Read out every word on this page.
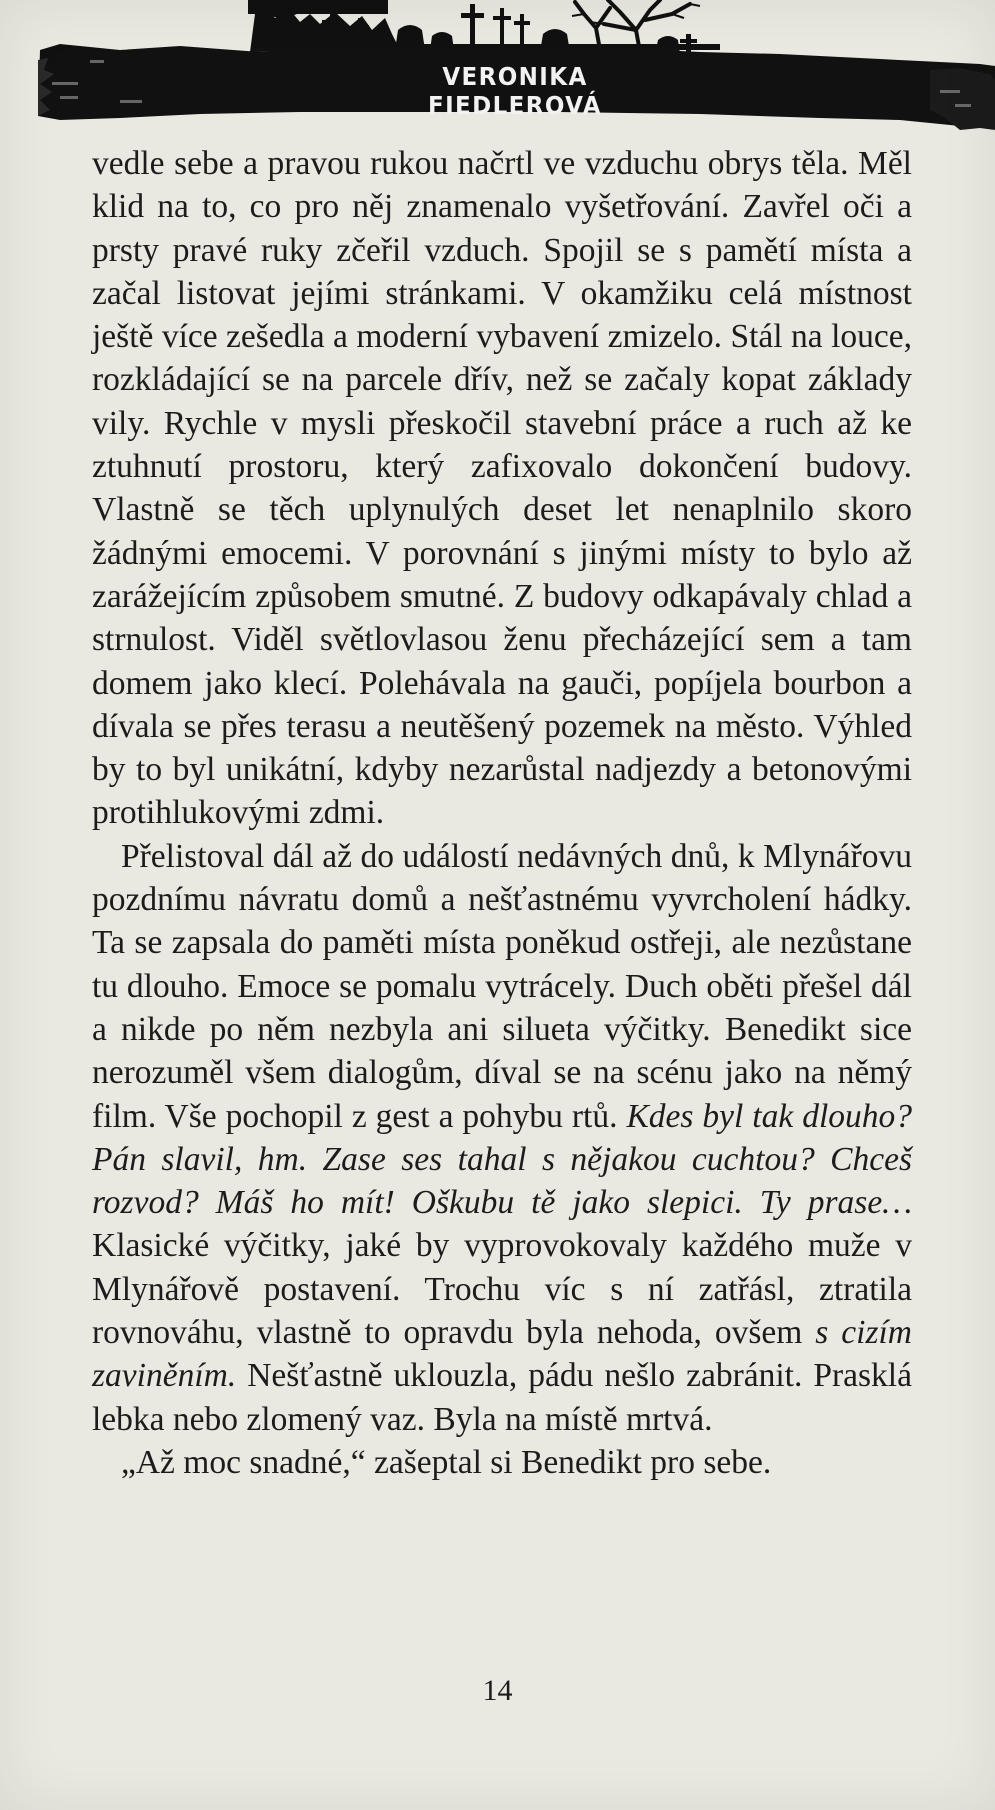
VERONIKA FIEDLEROVÁ

vedle sebe a pravou rukou načrtl ve vzduchu obrys těla. Měl klid na to, co pro něj znamenalo vyšetřování. Zavřel oči a prsty pravé ruky zčeřil vzduch. Spojil se s pamětí místa a začal listovat jejími stránkami. V okamžiku celá místnost ještě více zešedla a moderní vybavení zmizelo. Stál na louce, rozkládající se na parcele dřív, než se začaly kopat základy vily. Rychle v mysli přeskočil stavební práce a ruch až ke ztuhnutí prostoru, který zafixovalo dokončení budovy. Vlastně se těch uplynulých deset let nenaplnilo skoro žádnými emocemi. V porovnání s jinými místy to bylo až zarážejícím způsobem smutné. Z budovy odkapávaly chlad a strnulost. Viděl světlovlasou ženu přecházející sem a tam domem jako klecí. Polehávala na gauči, popíjela bourbon a dívala se přes terasu a neutěšený pozemek na město. Výhled by to byl unikátní, kdyby nezarůstal nadjezdy a betonovými protihlukovými zdmi.

Přelistoval dál až do událostí nedávných dnů, k Mlynářovu pozdnímu návratu domů a nešťastnému vyvrcholení hádky. Ta se zapsala do paměti místa poněkud ostřeji, ale nezůstane tu dlouho. Emoce se pomalu vytrácely. Duch oběti přešel dál a nikde po něm nezbyla ani silueta výčitky. Benedikt sice nerozuměl všem dialogům, díval se na scénu jako na němý film. Vše pochopil z gest a pohybu rtů. Kdes byl tak dlouho? Pán slavil, hm. Zase ses tahal s nějakou cuchtou? Chceš rozvod? Máš ho mít! Oškubu tě jako slepici. Ty prase… Klasické výčitky, jaké by vyprovokovaly každého muže v Mlynářově postavení. Trochu víc s ní zatřásl, ztratila rovnováhu, vlastně to opravdu byla nehoda, ovšem s cizím zaviněním. Nešťastně uklouzla, pádu nešlo zabránit. Prasklá lebka nebo zlomený vaz. Byla na místě mrtvá.

„Až moc snadné,“ zašeptal si Benedikt pro sebe.

14
